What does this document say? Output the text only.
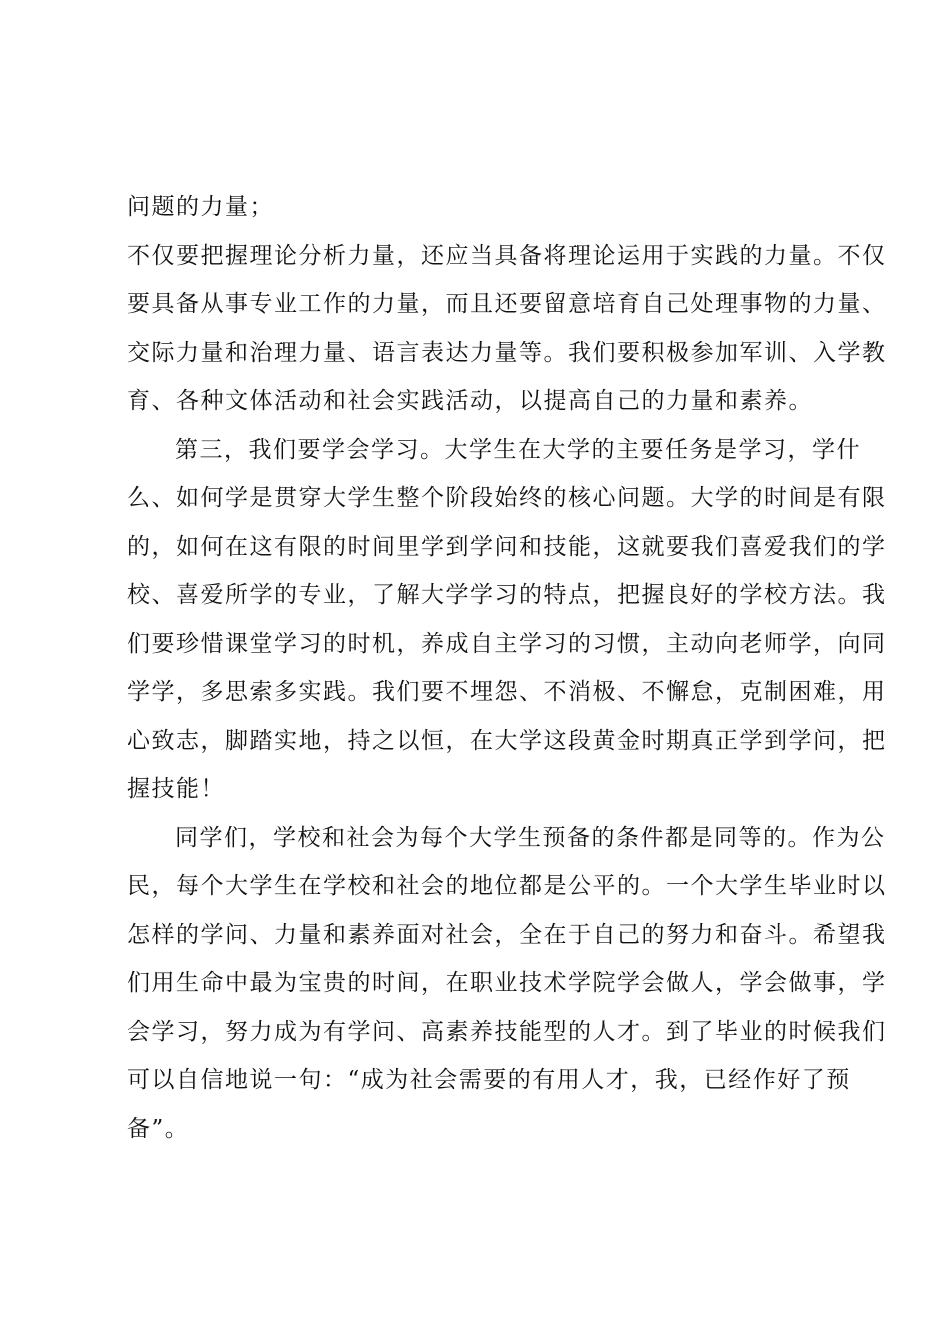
问题的力量；
不仅要把握理论分析力量，还应当具备将理论运用于实践的力量。不仅
要具备从事专业工作的力量，而且还要留意培育自己处理事物的力量、
交际力量和治理力量、语言表达力量等。我们要积极参加军训、入学教
育、各种文体活动和社会实践活动，以提高自己的力量和素养。
第三，我们要学会学习。大学生在大学的主要任务是学习，学什
么、如何学是贯穿大学生整个阶段始终的核心问题。大学的时间是有限
的，如何在这有限的时间里学到学问和技能，这就要我们喜爱我们的学
校、喜爱所学的专业，了解大学学习的特点，把握良好的学校方法。我
们要珍惜课堂学习的时机，养成自主学习的习惯，主动向老师学，向同
学学，多思索多实践。我们要不埋怨、不消极、不懈怠，克制困难，用
心致志，脚踏实地，持之以恒，在大学这段黄金时期真正学到学问，把
握技能！
同学们，学校和社会为每个大学生预备的条件都是同等的。作为公
民，每个大学生在学校和社会的地位都是公平的。一个大学生毕业时以
怎样的学问、力量和素养面对社会，全在于自己的努力和奋斗。希望我
们用生命中最为宝贵的时间，在职业技术学院学会做人，学会做事，学
会学习，努力成为有学问、高素养技能型的人才。到了毕业的时候我们
可以自信地说一句：“成为社会需要的有用人才，我，已经作好了预
备”。
